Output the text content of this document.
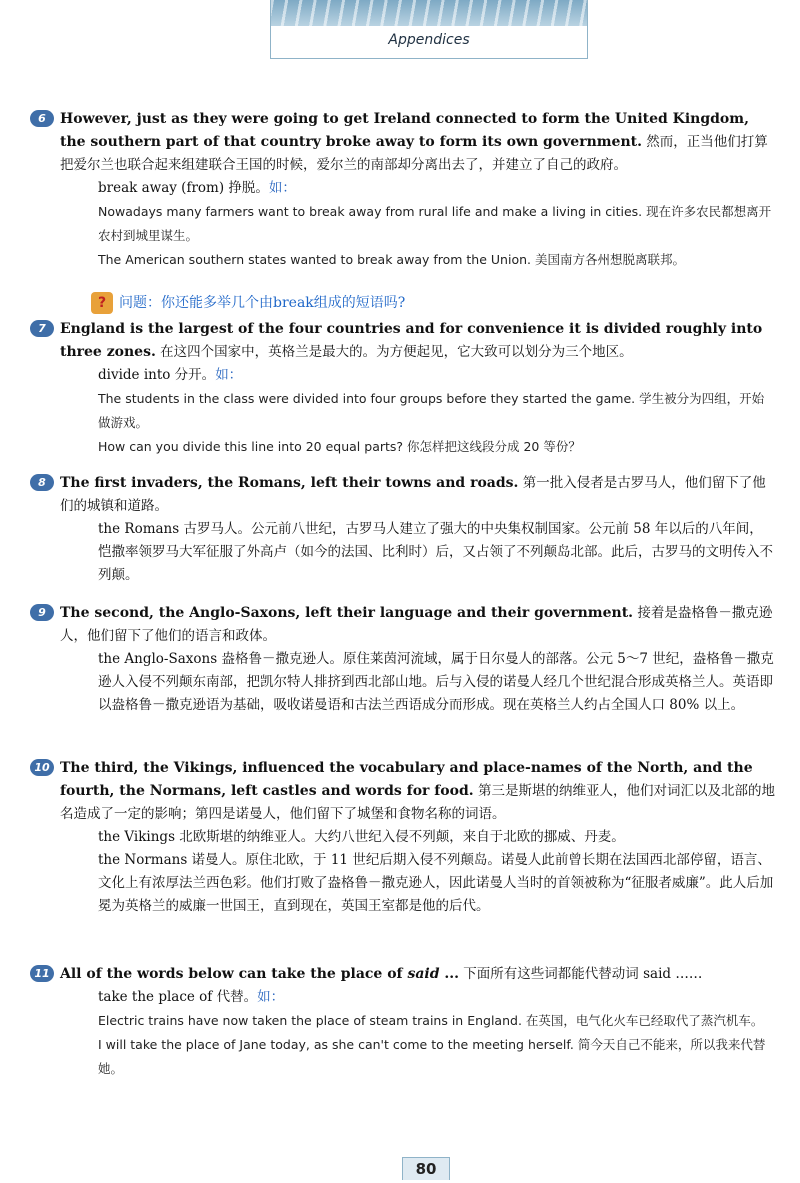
Appendices
6	However, just as they were going to get Ireland connected to form the United Kingdom, the southern part of that country broke away to form its own government. 然而，正当他们打算把爱尔兰也联合起来组建联合王国的时候，爱尔兰的南部却分离出去了，并建立了自己的政府。
break away (from) 挣脱。如：
Nowadays many farmers want to break away from rural life and make a living in cities. 现在许多农民都想离开农村到城里谋生。
The American southern states wanted to break away from the Union. 美国南方各州想脱离联邦。
? 问题：你还能多举几个由break组成的短语吗?
7	England is the largest of the four countries and for convenience it is divided roughly into three zones. 在这四个国家中，英格兰是最大的。为方便起见，它大致可以划分为三个地区。
divide into 分开。如：
The students in the class were divided into four groups before they started the game. 学生被分为四组，开始做游戏。
How can you divide this line into 20 equal parts? 你怎样把这线段分成 20 等份？
8	The first invaders, the Romans, left their towns and roads. 第一批入侵者是古罗马人，他们留下了他们的城镇和道路。
the Romans 古罗马人。公元前八世纪，古罗马人建立了强大的中央集权制国家。公元前 58 年以后的八年间，恺撒率领罗马大军征服了外高卢（如今的法国、比利时）后，又占领了不列颠岛北部。此后，古罗马的文明传入不列颠。
9	The second, the Anglo-Saxons, left their language and their government. 接着是盎格鲁－撒克逊人，他们留下了他们的语言和政体。
the Anglo-Saxons 盎格鲁－撒克逊人。原住莱茵河流域，属于日尔曼人的部落。公元 5～7 世纪，盎格鲁－撒克逊人入侵不列颠东南部，把凯尔特人排挤到西北部山地。后与入侵的诺曼人经几个世纪混合形成英格兰人。英语即以盎格鲁－撒克逊语为基础，吸收诺曼语和古法兰西语成分而形成。现在英格兰人约占全国人口 80% 以上。
10 The third, the Vikings, influenced the vocabulary and place-names of the North, and the fourth, the Normans, left castles and words for food. 第三是斯堪的纳维亚人，他们对词汇以及北部的地名造成了一定的影响；第四是诺曼人，他们留下了城堡和食物名称的词语。
the Vikings 北欧斯堪的纳维亚人。大约八世纪入侵不列颠，来自于北欧的挪威、丹麦。
the Normans 诺曼人。原住北欧，于 11 世纪后期入侵不列颠岛。诺曼人此前曾长期在法国西北部停留，语言、文化上有浓厚法兰西色彩。他们打败了盎格鲁－撒克逊人，因此诺曼人当时的首领被称为“征服者威廉”。此人后加冕为英格兰的威廉一世国王，直到现在，英国王室都是他的后代。
11 All of the words below can take the place of said ... 下面所有这些词都能代替动词 said ……
take the place of 代替。如：
Electric trains have now taken the place of steam trains in England. 在英国，电气化火车已经取代了蒸汽机车。
I will take the place of Jane today, as she can't come to the meeting herself. 简今天自己不能来，所以我来代替她。
80
